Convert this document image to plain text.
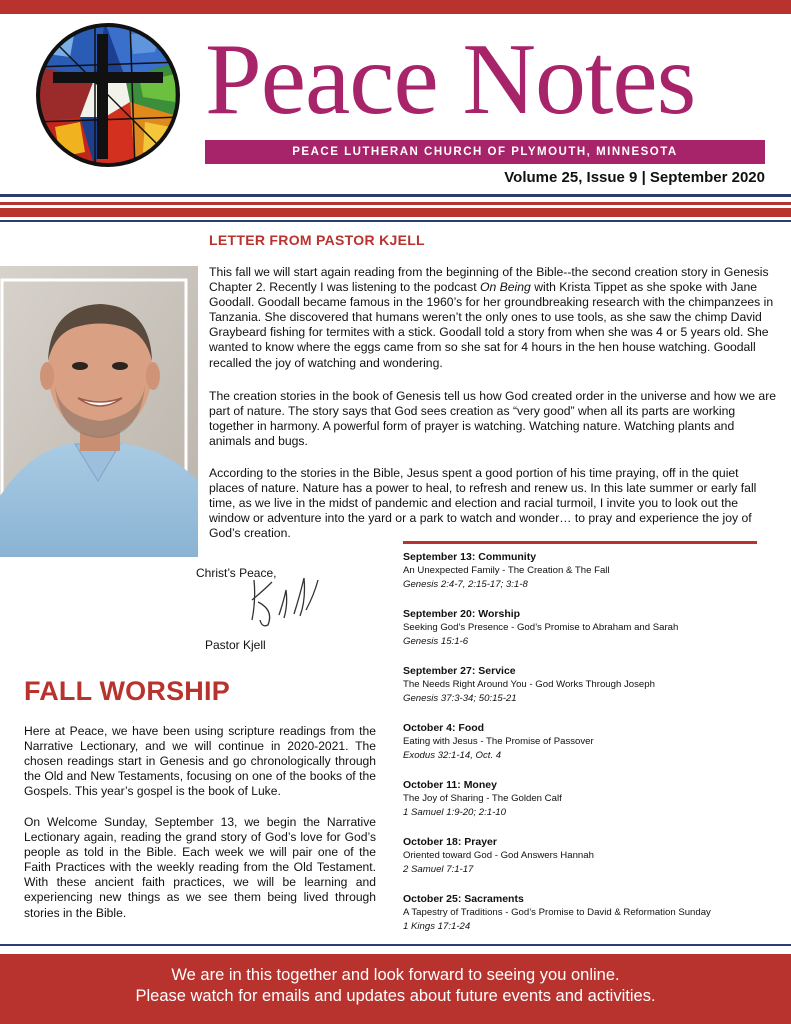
Peace Notes
PEACE LUTHERAN CHURCH OF PLYMOUTH, MINNESOTA
Volume 25, Issue 9 | September 2020
LETTER FROM PASTOR KJELL
This fall we will start again reading from the beginning of the Bible--the second creation story in Genesis Chapter 2. Recently I was listening to the podcast On Being with Krista Tippet as she spoke with Jane Goodall. Goodall became famous in the 1960’s for her groundbreaking research with the chimpanzees in Tanzania. She discovered that humans weren’t the only ones to use tools, as she saw the chimp David Graybeard fishing for termites with a stick. Goodall told a story from when she was 4 or 5 years old. She wanted to know where the eggs came from so she sat for 4 hours in the hen house watching. Goodall recalled the joy of watching and wondering.
The creation stories in the book of Genesis tell us how God created order in the universe and how we are part of nature. The story says that God sees creation as “very good” when all its parts are working together in harmony. A powerful form of prayer is watching. Watching nature. Watching plants and animals and bugs.
According to the stories in the Bible, Jesus spent a good portion of his time praying, off in the quiet places of nature. Nature has a power to heal, to refresh and renew us. In this late summer or early fall time, as we live in the midst of pandemic and election and racial turmoil, I invite you to look out the window or adventure into the yard or a park to watch and wonder… to pray and experience the joy of God’s creation.
Christ’s Peace,
Pastor Kjell
FALL WORSHIP
Here at Peace, we have been using scripture readings from the Narrative Lectionary, and we will continue in 2020-2021. The chosen readings start in Genesis and go chronologically through the Old and New Testaments, focusing on one of the books of the Gospels. This year’s gospel is the book of Luke.
On Welcome Sunday, September 13, we begin the Narrative Lectionary again, reading the grand story of God’s love for God’s people as told in the Bible. Each week we will pair one of the Faith Practices with the weekly reading from the Old Testament. With these ancient faith practices, we will be learning and experiencing new things as we see them being lived through stories in the Bible.
September 13: Community
An Unexpected Family - The Creation & The Fall
Genesis 2:4-7, 2:15-17; 3:1-8
September 20: Worship
Seeking God’s Presence - God’s Promise to Abraham and Sarah
Genesis 15:1-6
September 27: Service
The Needs Right Around You - God Works Through Joseph
Genesis 37:3-34; 50:15-21
October 4: Food
Eating with Jesus - The Promise of Passover
Exodus 32:1-14, Oct. 4
October 11: Money
The Joy of Sharing - The Golden Calf
1 Samuel 1:9-20; 2:1-10
October 18: Prayer
Oriented toward God - God Answers Hannah
2 Samuel 7:1-17
October 25: Sacraments
A Tapestry of Traditions - God’s Promise to David & Reformation Sunday
1 Kings 17:1-24
We are in this together and look forward to seeing you online.
Please watch for emails and updates about future events and activities.
